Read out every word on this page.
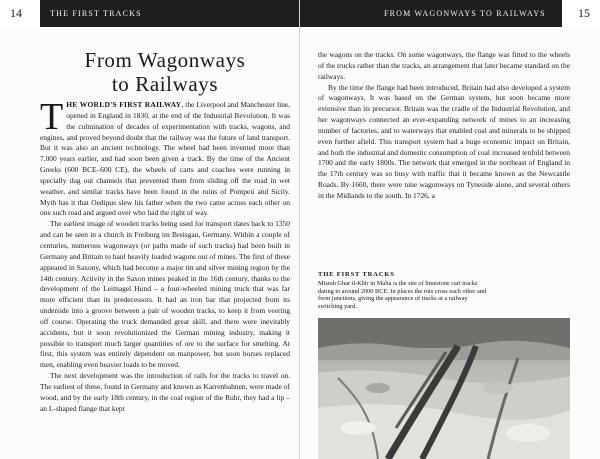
14	THE FIRST TRACKS
From Wagonways
to Railways

THE WORLD'S FIRST RAILWAY, the Liverpool and Manchester line, opened in England in 1830, at the end of the Industrial Revolution. It was the culmination of decades of experimentation with tracks, wagons, and engines, and proved beyond doubt that the railway was the future of land transport. But it was also an ancient technology. The wheel had been invented more than 7,000 years earlier, and had soon been given a track. By the time of the Ancient Greeks (600 BCE–600 CE), the wheels of carts and coaches were running in specially dug out channels that prevented them from sliding off the road in wet weather, and similar tracks have been found in the ruins of Pompeii and Sicily. Myth has it that Oedipus slew his father when the two came across each other on one such road and argued over who had the right of way.

The earliest image of wooden tracks being used for transport dates back to 1350 and can be seen in a church in Freiburg im Breisgau, Germany. Within a couple of centuries, numerous wagonways (or paths made of such tracks) had been built in Germany and Britain to haul heavily loaded wagons out of mines. The first of these appeared in Saxony, which had become a major tin and silver mining region by the 14th century. Activity in the Saxon mines peaked in the 16th century, thanks to the development of the Leitnagel Hund – a four-wheeled mining truck that was far more efficient than its predecessors. It had an iron bar that projected from its underside into a groove between a pair of wooden tracks, to keep it from veering off course. Operating the truck demanded great skill, and there were inevitably accidents, but it soon revolutionized the German mining industry, making it possible to transport much larger quantities of ore to the surface for smelting. At first, this system was entirely dependent on manpower, but soon horses replaced men, enabling even heavier loads to be moved.

The next development was the introduction of rails for the tracks to travel on. The earliest of these, found in Germany and known as Karrenbahnen, were made of wood, and by the early 18th century, in the coal region of the Ruhr, they had a lip – an L-shaped flange that kept

FROM WAGONWAYS TO RAILWAYS	15

the wagons on the tracks. On some wagonways, the flange was fitted to the wheels of the trucks rather than the tracks, an arrangement that later became standard on the railways.

By the time the flange had been introduced, Britain had also developed a system of wagonways. It was based on the German system, but soon became more extensive than its precursor. Britain was the cradle of the Industrial Revolution, and her wagonways connected an ever-expanding network of mines to an increasing number of factories, and to waterways that enabled coal and minerals to be shipped even further afield. This transport system had a huge economic impact on Britain, and both the industrial and domestic consumption of coal increased tenfold between 1700 and the early 1800s. The network that emerged in the northeast of England in the 17th century was so busy with traffic that it became known as the Newcastle Roads. By 1660, there were nine wagonways on Tyneside alone, and several others in the Midlands to the south. In 1726, a

THE FIRST TRACKS
Misrah Ghar il-Kbir in Malta is the site of limestone cart tracks dating to around 2000 BCE. In places the ruts cross each other and form junctions, giving the appearance of tracks at a railway switching yard.
